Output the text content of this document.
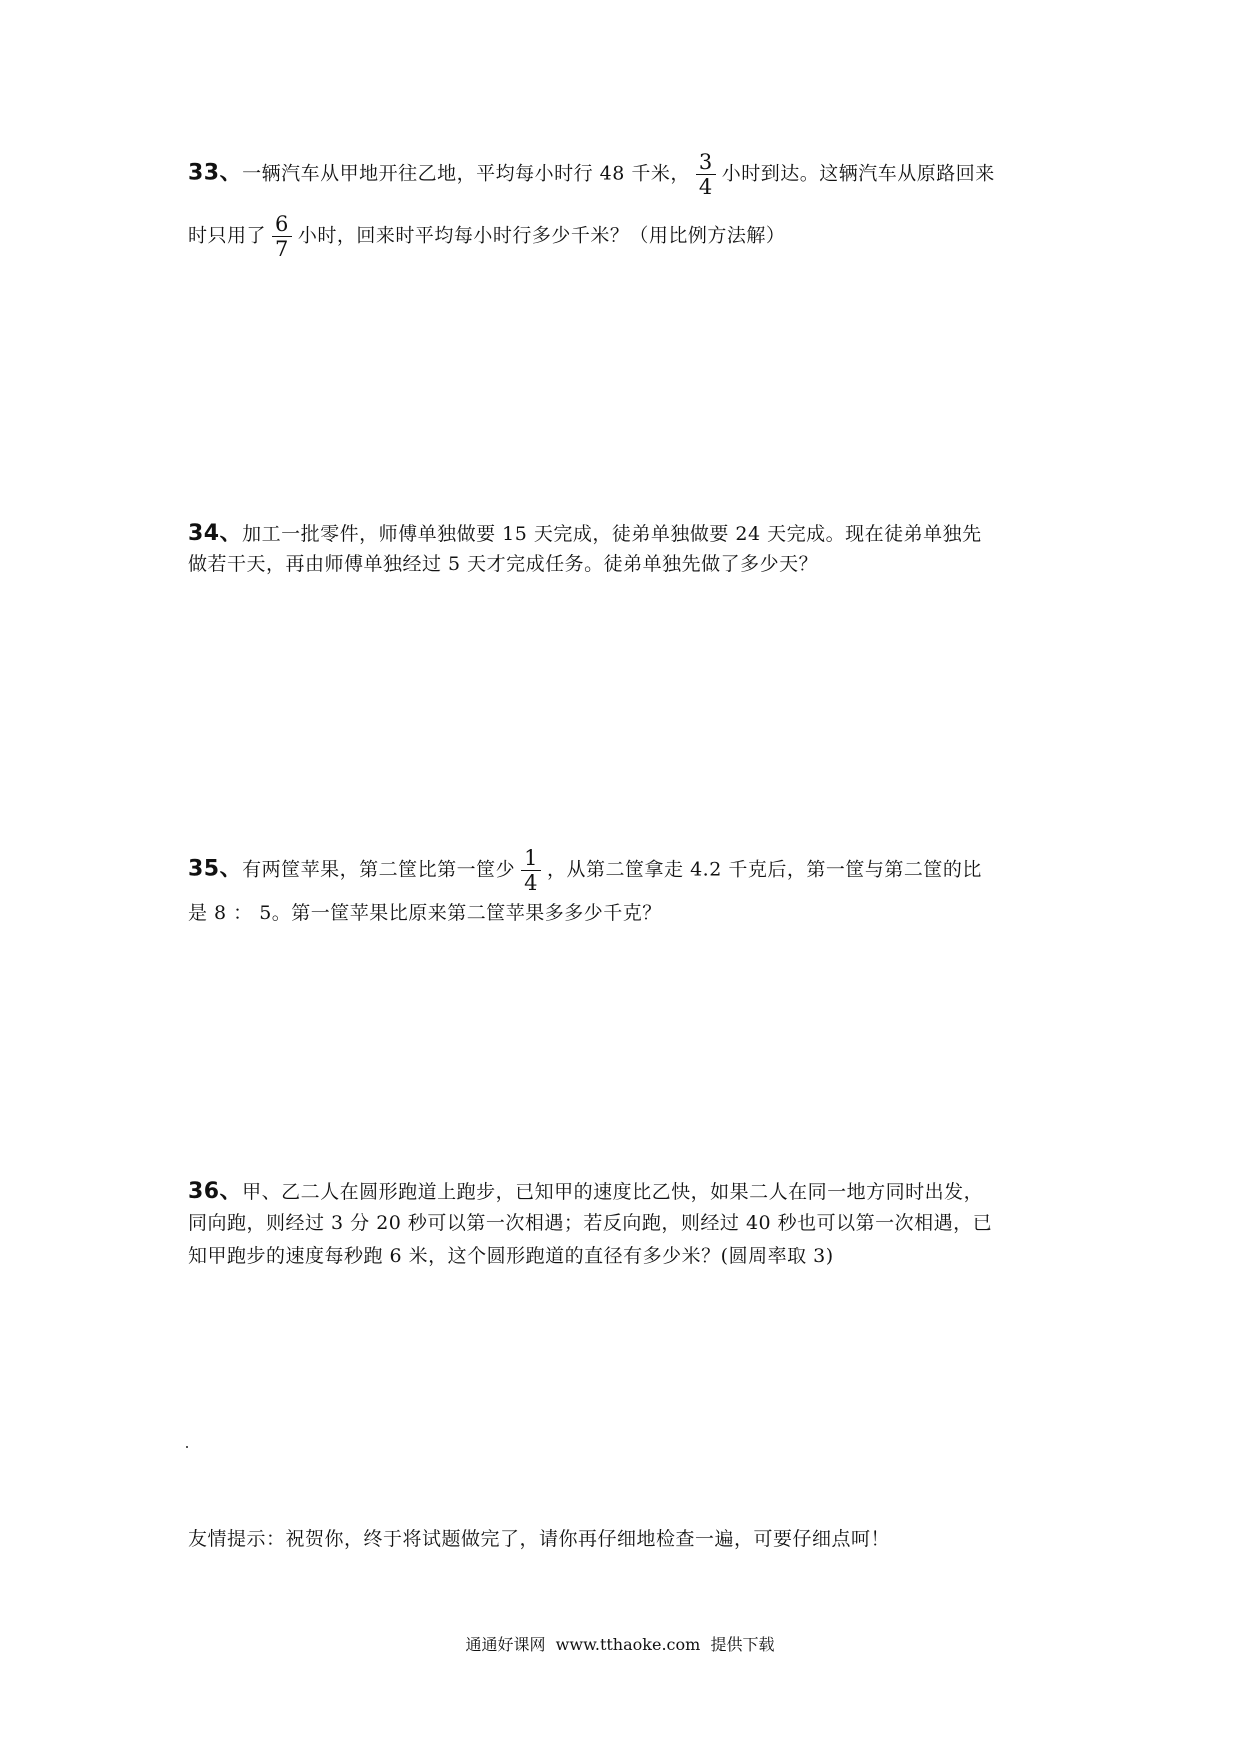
33、一辆汽车从甲地开往乙地，平均每小时行 48 千米， $\frac{3}{4}$ 小时到达。这辆汽车从原路回来
时只用了 $\frac{6}{7}$ 小时，回来时平均每小时行多少千米？（用比例方法解）
34、加工一批零件，师傅单独做要 15 天完成，徒弟单独做要 24 天完成。现在徒弟单独先
做若干天，再由师傅单独经过 5 天才完成任务。徒弟单独先做了多少天？
35、有两筐苹果，第二筐比第一筐少 $\frac{1}{4}$ ，从第二筐拿走 4.2 千克后，第一筐与第二筐的比
是 8 ： 5。第一筐苹果比原来第二筐苹果多多少千克？
36、甲、乙二人在圆形跑道上跑步，已知甲的速度比乙快，如果二人在同一地方同时出发，
同向跑，则经过 3 分 20 秒可以第一次相遇；若反向跑，则经过 40 秒也可以第一次相遇，已
知甲跑步的速度每秒跑 6 米，这个圆形跑道的直径有多少米？(圆周率取 3)
友情提示：祝贺你，终于将试题做完了，请你再仔细地检查一遍，可要仔细点呵！
通通好课网  www.tthaoke.com  提供下载
